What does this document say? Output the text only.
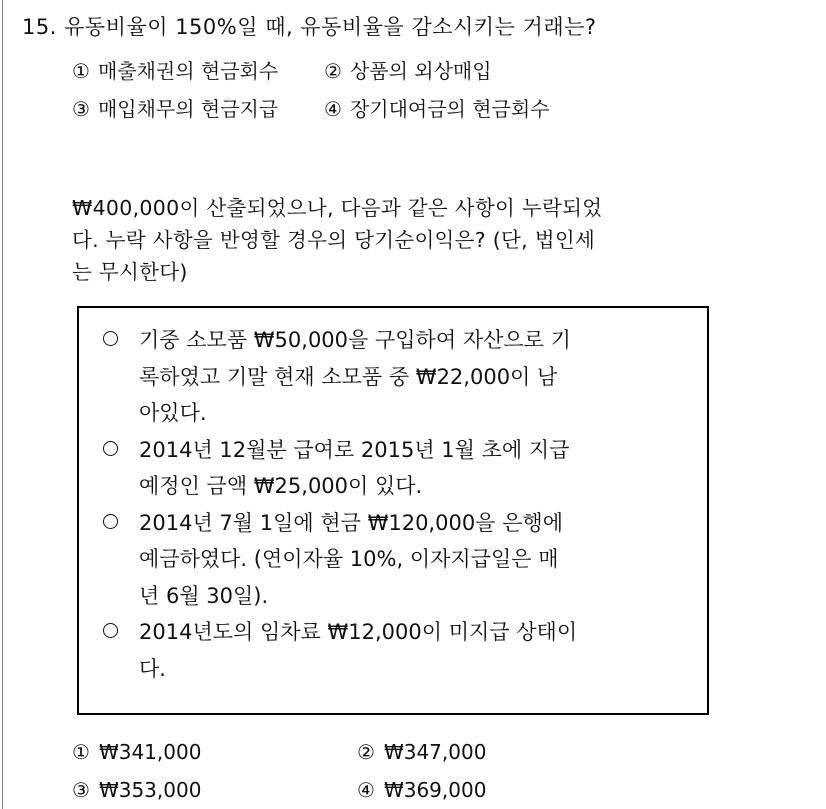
15. 유동비율이 150%일 때, 유동비율을 감소시키는 거래는?
① 매출채권의 현금회수	② 상품의 외상매입
③ 매입채무의 현금지급	④ 장기대여금의 현금회수
₩400,000이 산출되었으나, 다음과 같은 사항이 누락되었
다. 누락 사항을 반영할 경우의 당기순이익은? (단, 법인세
는 무시한다)
기중 소모품 ₩50,000을 구입하여 자산으로 기
록하였고 기말 현재 소모품 중 ₩22,000이 남
아있다.
2014년 12월분 급여로 2015년 1월 초에 지급
예정인 금액 ₩25,000이 있다.
2014년 7월 1일에 현금 ₩120,000을 은행에
예금하였다. (연이자율 10%, 이자지급일은 매
년 6월 30일).
2014년도의 임차료 ₩12,000이 미지급 상태이
다.
① ₩341,000	② ₩347,000
③ ₩353,000	④ ₩369,000
